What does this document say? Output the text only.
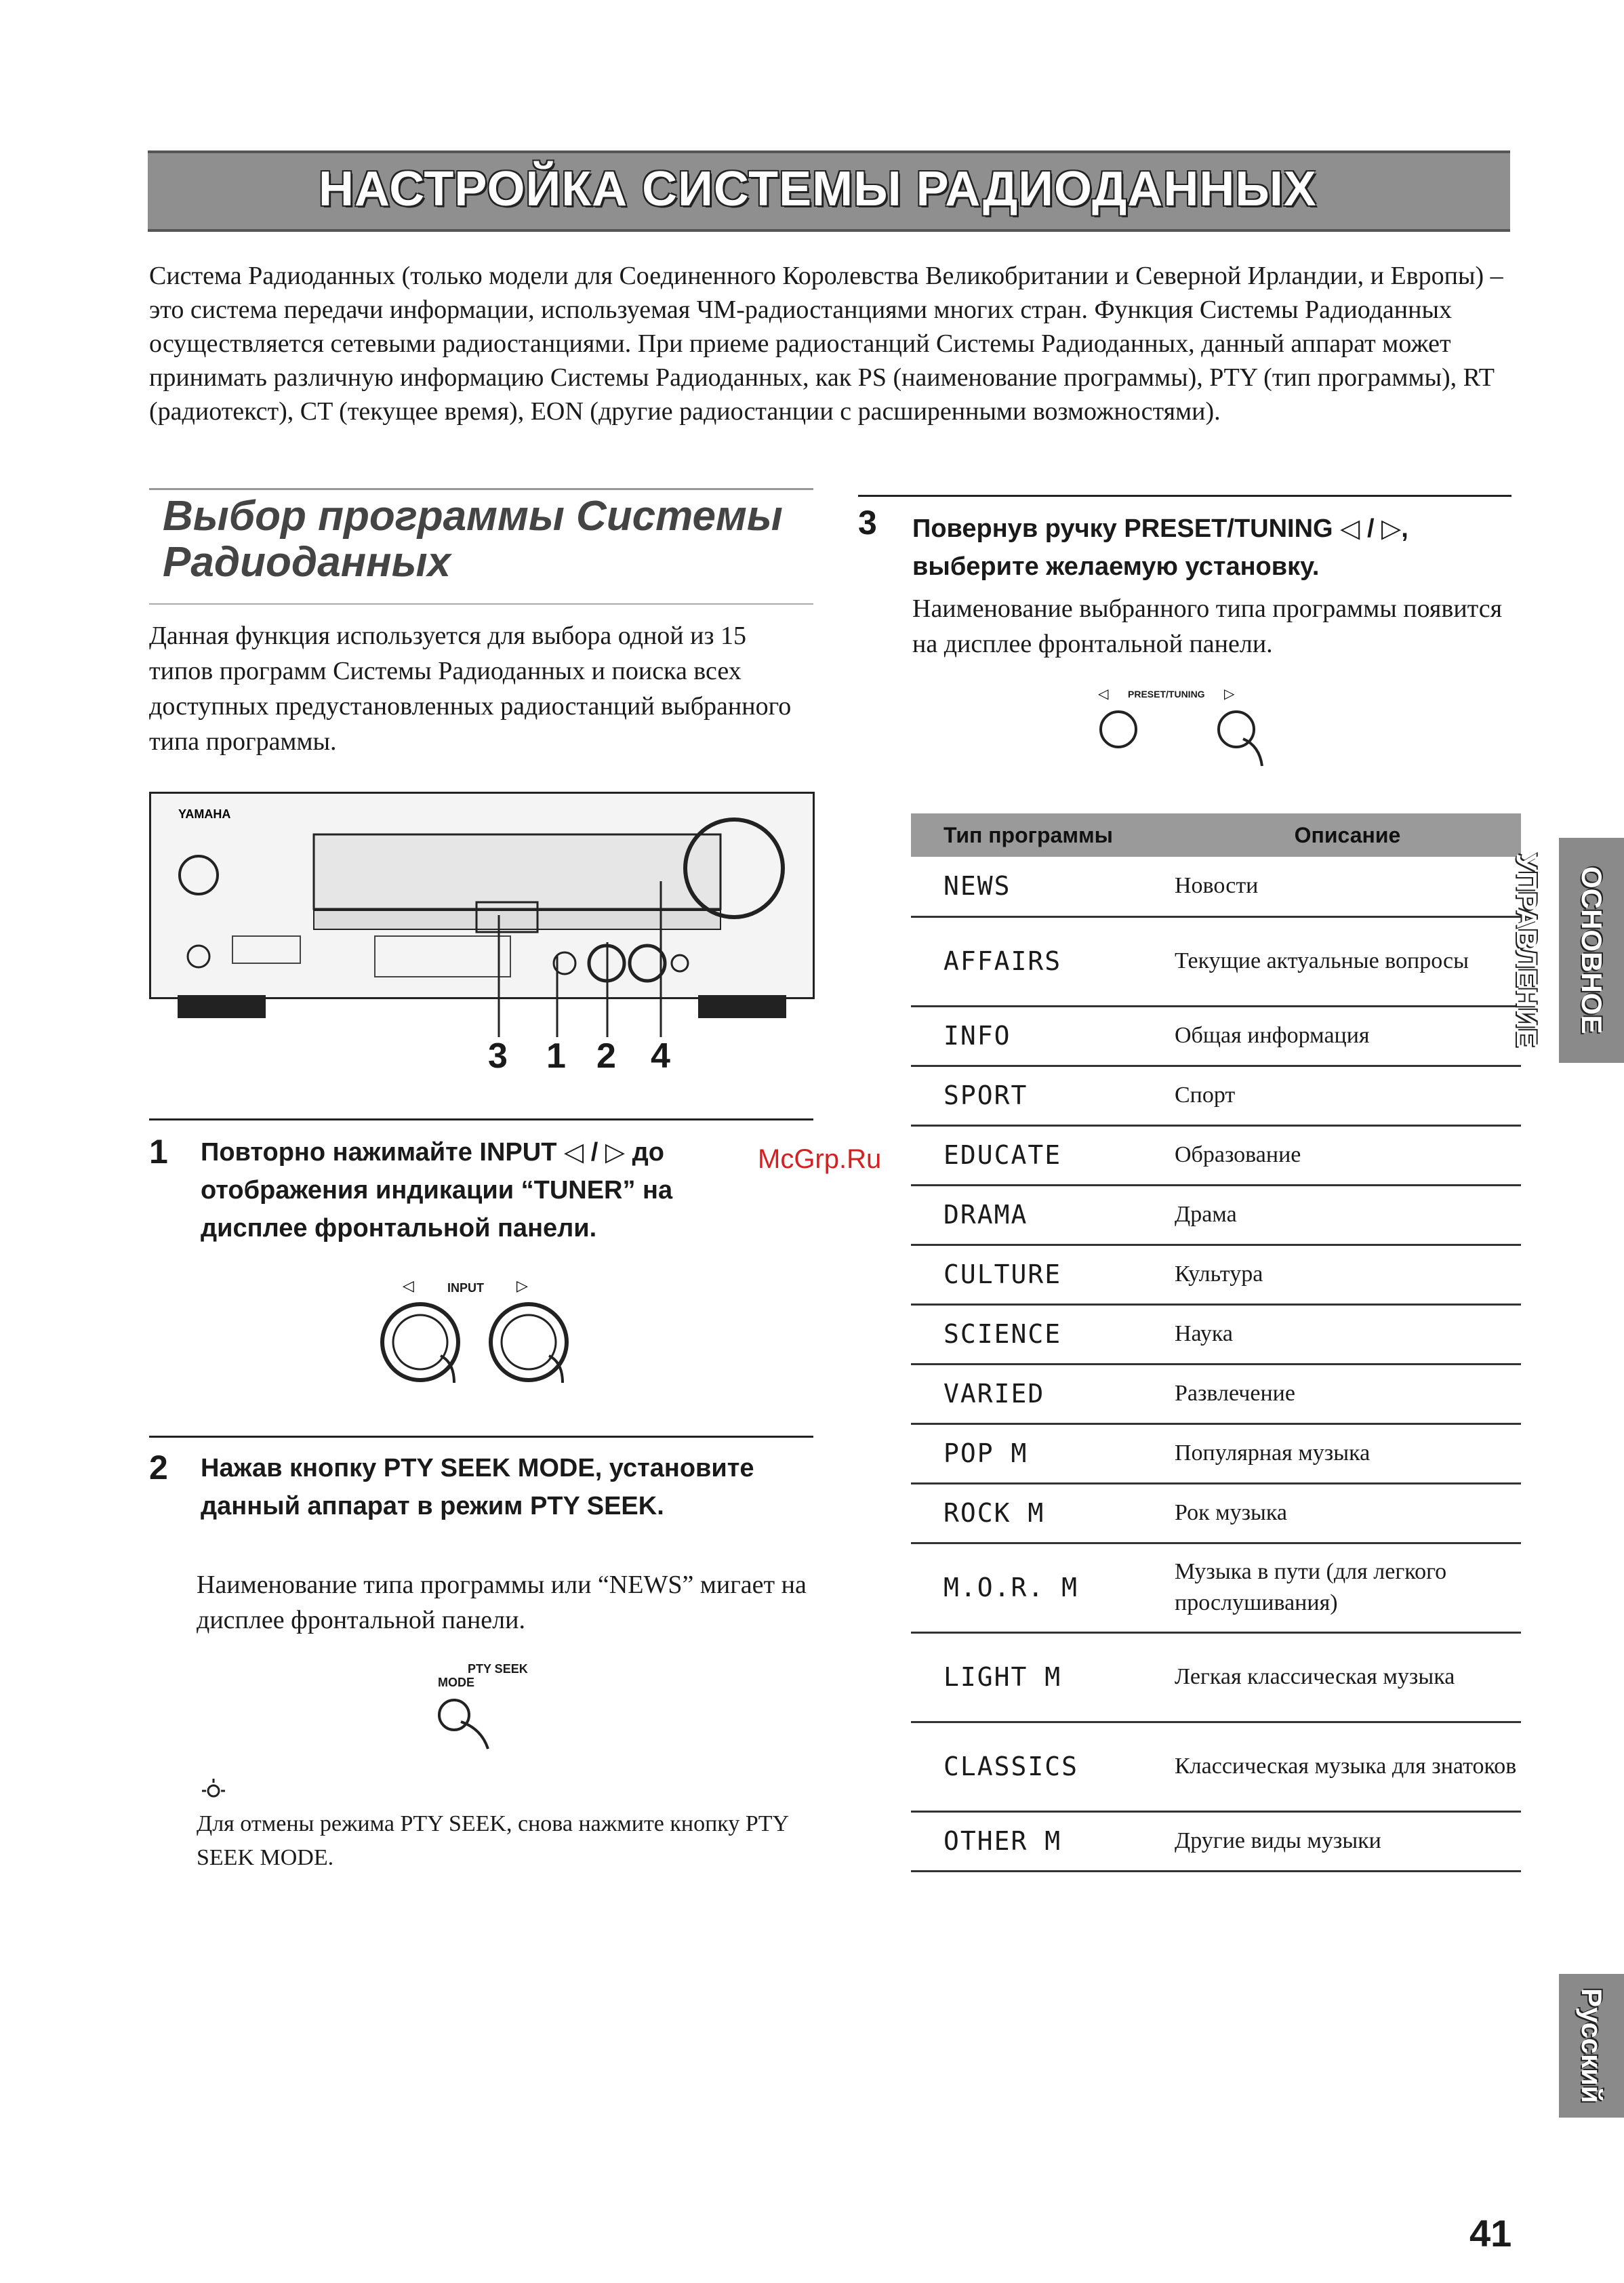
НАСТРОЙКА СИСТЕМЫ РАДИОДАННЫХ

Система Радиоданных (только модели для Соединенного Королевства Великобритании и Северной Ирландии, и Европы) – это система передачи информации, используемая ЧМ-радиостанциями многих стран. Функция Системы Радиоданных осуществляется сетевыми радиостанциями. При приеме радиостанций Системы Радиоданных, данный аппарат может принимать различную информацию Системы Радиоданных, как PS (наименование программы), PTY (тип программы), RT (радиотекст), CT (текущее время), EON (другие радиостанции с расширенными возможностями).

Выбор программы Системы
Радиоданных
Данная функция используется для выбора одной из 15 типов программ Системы Радиоданных и поиска всех доступных предустановленных радиостанций выбранного типа программы.
YAMAHA
3 1 2 4
1 Повторно нажимайте INPUT ◁ / ▷ до отображения индикации “TUNER” на дисплее фронтальной панели.
McGrp.Ru
INPUT
◁	▷
2 Нажав кнопку PTY SEEK MODE, установите данный аппарат в режим PTY SEEK.
Наименование типа программы или “NEWS” мигает на дисплее фронтальной панели.
PTY SEEK
MODE
Для отмены режима PTY SEEK, снова нажмите кнопку PTY SEEK MODE.
3 Повернув ручку PRESET/TUNING ◁ / ▷, выберите желаемую установку.
Наименование выбранного типа программы появится на дисплее фронтальной панели.
PRESET/TUNING
◁	▷
Тип программы	Описание
NEWS	Новости
AFFAIRS	Текущие актуальные вопросы
INFO	Общая информация
SPORT	Спорт
EDUCATE	Образование
DRAMA	Драма
CULTURE	Культура
SCIENCE	Наука
VARIED	Развлечение
POP M	Популярная музыка
ROCK M	Рок музыка
M.O.R. M	Музыка в пути (для легкого прослушивания)
LIGHT M	Легкая классическая музыка
CLASSICS	Классическая музыка для знатоков
OTHER M	Другие виды музыки
ОСНОВНОЕ УПРАВЛЕНИЕ
Русский
41
